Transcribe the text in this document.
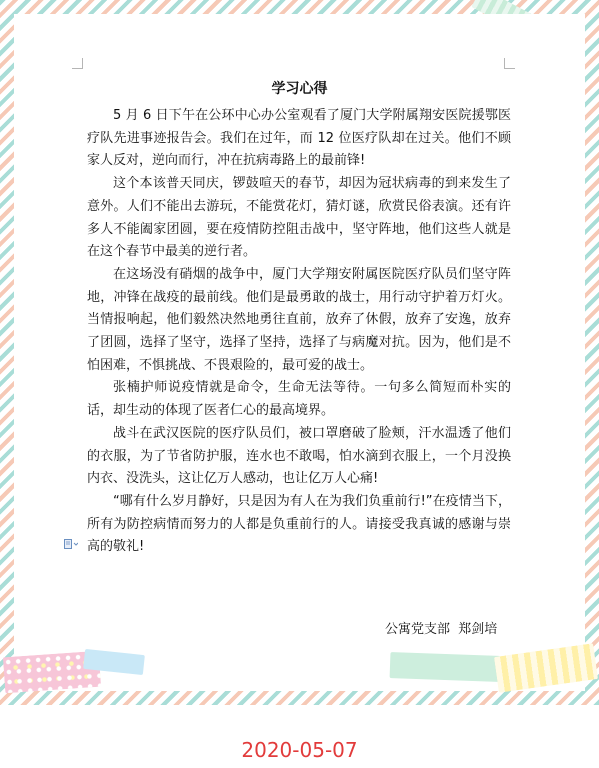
学习心得

5 月 6 日下午在公环中心办公室观看了厦门大学附属翔安医院援鄂医疗队先进事迹报告会。我们在过年，而 12 位医疗队却在过关。他们不顾家人反对，逆向而行，冲在抗病毒路上的最前锋!

这个本该普天同庆，锣鼓喧天的春节，却因为冠状病毒的到来发生了意外。人们不能出去游玩，不能赏花灯，猜灯谜，欣赏民俗表演。还有许多人不能阖家团圆，要在疫情防控阻击战中，坚守阵地，他们这些人就是在这个春节中最美的逆行者。

在这场没有硝烟的战争中，厦门大学翔安附属医院医疗队员们坚守阵地，冲锋在战疫的最前线。他们是最勇敢的战士，用行动守护着万灯火。当情报响起，他们毅然决然地勇往直前，放弃了休假，放弃了安逸，放弃了团圆，选择了坚守，选择了坚持，选择了与病魔对抗。因为，他们是不怕困难，不惧挑战、不畏艰险的，最可爱的战士。

张楠护师说疫情就是命令，生命无法等待。一句多么简短而朴实的话，却生动的体现了医者仁心的最高境界。

战斗在武汉医院的医疗队员们，被口罩磨破了脸颊，汗水温透了他们的衣服，为了节省防护服，连水也不敢喝，怕水滴到衣服上，一个月没换内衣、没洗头，这让亿万人感动，也让亿万人心痛!

“哪有什么岁月静好，只是因为有人在为我们负重前行!”在疫情当下，所有为防控病情而努力的人都是负重前行的人。请接受我真诚的感谢与崇高的敬礼!

公寓党支部  郑剑培
2020-05-07
